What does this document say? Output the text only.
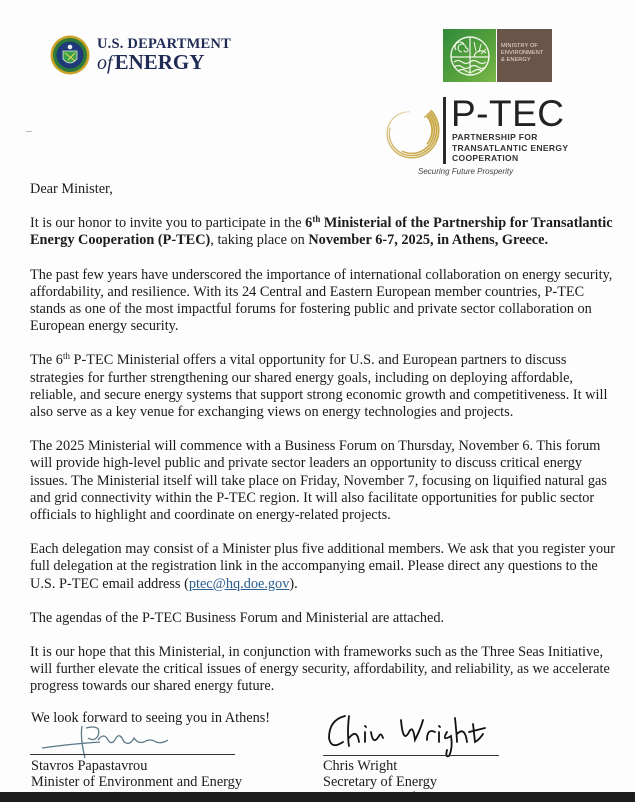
U.S. DEPARTMENT
ofENERGY
MINISTRY OF
ENVIRONMENT
& ENERGY
P-TEC
PARTNERSHIP FOR
TRANSATLANTIC ENERGY
COOPERATION
Securing Future Prosperity

Dear Minister,

It is our honor to invite you to participate in the 6th Ministerial of the Partnership for Transatlantic Energy Cooperation (P-TEC), taking place on November 6-7, 2025, in Athens, Greece.

The past few years have underscored the importance of international collaboration on energy security, affordability, and resilience. With its 24 Central and Eastern European member countries, P-TEC stands as one of the most impactful forums for fostering public and private sector collaboration on European energy security.

The 6th P-TEC Ministerial offers a vital opportunity for U.S. and European partners to discuss strategies for further strengthening our shared energy goals, including on deploying affordable, reliable, and secure energy systems that support strong economic growth and competitiveness. It will also serve as a key venue for exchanging views on energy technologies and projects.

The 2025 Ministerial will commence with a Business Forum on Thursday, November 6. This forum will provide high-level public and private sector leaders an opportunity to discuss critical energy issues. The Ministerial itself will take place on Friday, November 7, focusing on liquified natural gas and grid connectivity within the P-TEC region. It will also facilitate opportunities for public sector officials to highlight and coordinate on energy-related projects.

Each delegation may consist of a Minister plus five additional members. We ask that you register your full delegation at the registration link in the accompanying email. Please direct any questions to the U.S. P-TEC email address (ptec@hq.doe.gov).

The agendas of the P-TEC Business Forum and Ministerial are attached.

It is our hope that this Ministerial, in conjunction with frameworks such as the Three Seas Initiative, will further elevate the critical issues of energy security, affordability, and reliability, as we accelerate progress towards our shared energy future.

We look forward to seeing you in Athens!
Stavros Papastavrou
Minister of Environment and Energy
Chris Wright
Secretary of Energy
